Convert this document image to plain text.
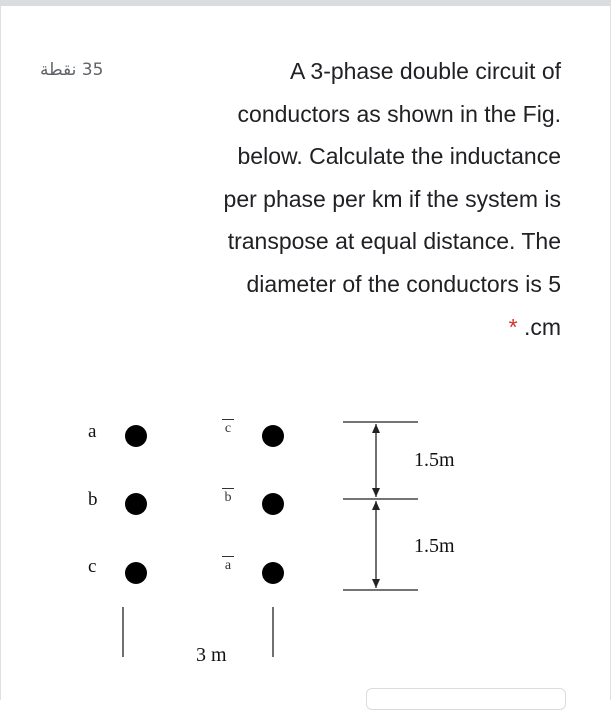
35 نقطة	A 3-phase double circuit of
conductors as shown in the Fig.
below. Calculate the inductance
per phase per km if the system is
transpose at equal distance. The
diameter of the conductors is 5
* .cm
a
b
c
c
b
a
1.5m
1.5m
3 m
